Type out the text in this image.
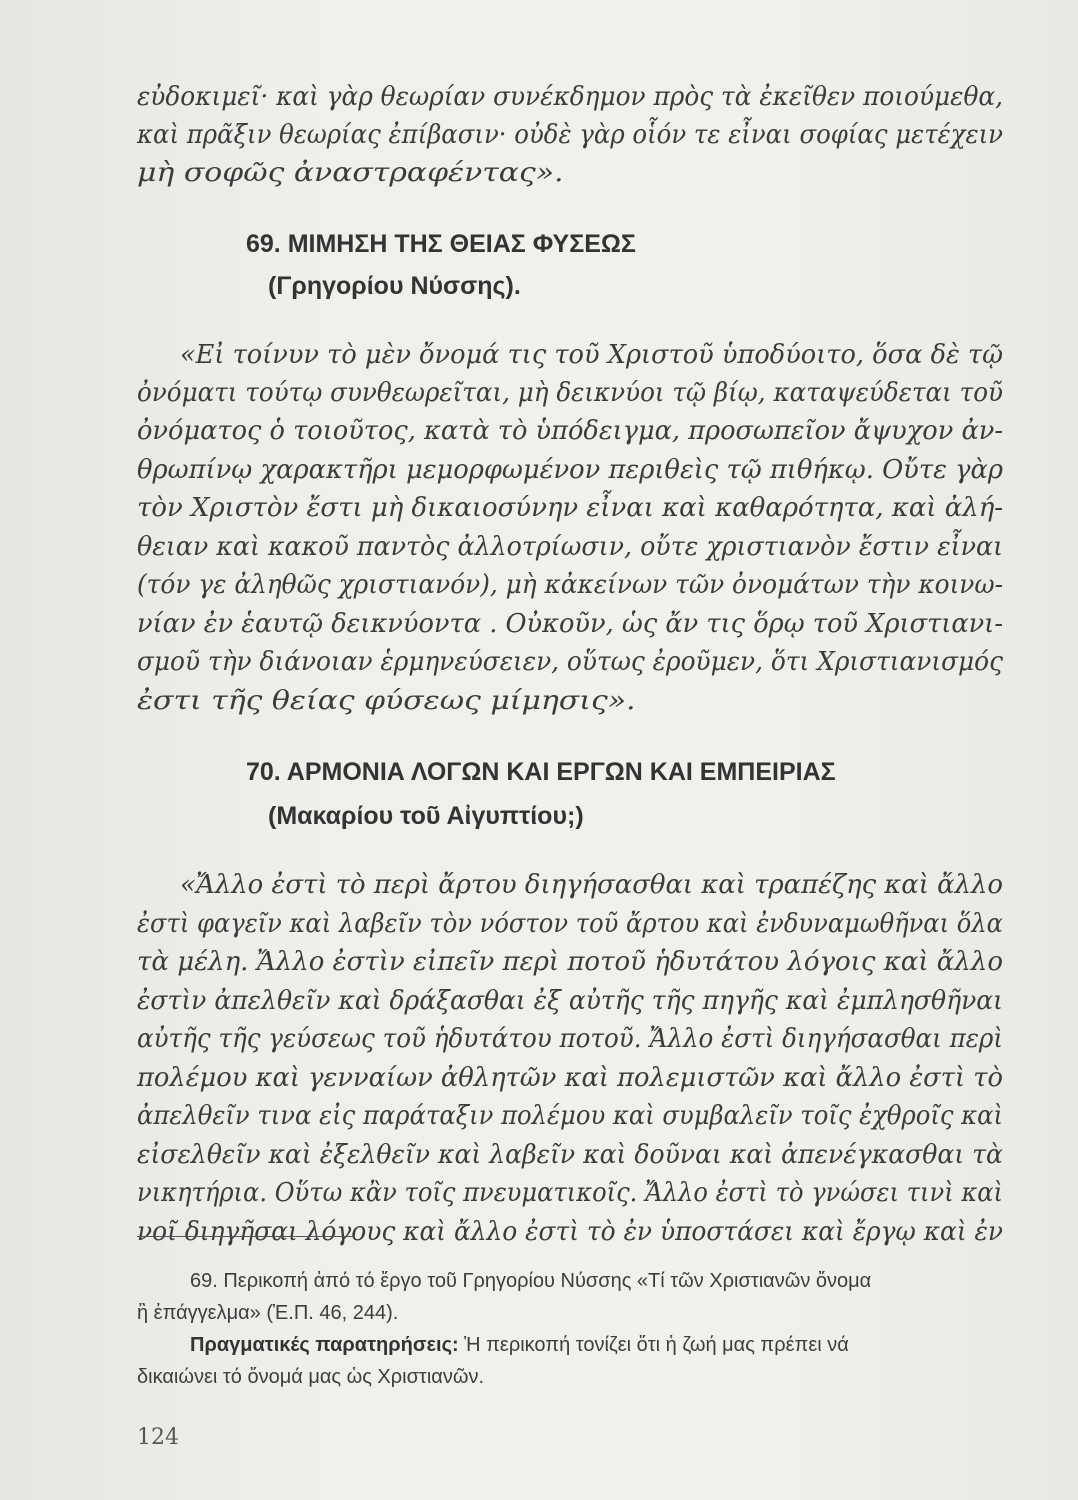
εὐδοκιμεῖ· καὶ γὰρ θεωρίαν συνέκδημον πρὸς τὰ ἐκεῖθεν ποιούμεθα,

καὶ πρᾶξιν θεωρίας ἐπίβασιν· οὐδὲ γὰρ οἷόν τε εἶναι σοφίας μετέχειν

μὴ σοφῶς ἀναστραφέντας».

69. ΜΙΜΗΣΗ ΤΗΣ ΘΕΙΑΣ ΦΥΣΕΩΣ
(Γρηγορίου Νύσσης).

«Εἰ τοίνυν τὸ μὲν ὄνομά τις τοῦ Χριστοῦ ὑποδύοιτο, ὅσα δὲ τῷ

ὀνόματι τούτῳ συνθεωρεῖται, μὴ δεικνύοι τῷ βίῳ, καταψεύδεται τοῦ

ὀνόματος ὁ τοιοῦτος, κατὰ τὸ ὑπόδειγμα, προσωπεῖον ἄψυχον ἀν-

θρωπίνῳ χαρακτῆρι μεμορφωμένον περιθεὶς τῷ πιθήκῳ. Οὔτε γὰρ

τὸν Χριστὸν ἔστι μὴ δικαιοσύνην εἶναι καὶ καθαρότητα, καὶ ἀλή-

θειαν καὶ κακοῦ παντὸς ἀλλοτρίωσιν, οὔτε χριστιανὸν ἔστιν εἶναι

(τόν γε ἀληθῶς χριστιανόν), μὴ κἀκείνων τῶν ὀνομάτων τὴν κοινω-

νίαν ἐν ἑαυτῷ δεικνύοντα . Οὐκοῦν, ὡς ἄν τις ὅρῳ τοῦ Χριστιανι-

σμοῦ τὴν διάνοιαν ἑρμηνεύσειεν, οὕτως ἐροῦμεν, ὅτι Χριστιανισμός

ἐστι τῆς θείας φύσεως μίμησις».

70. ΑΡΜΟΝΙΑ ΛΟΓΩΝ ΚΑΙ ΕΡΓΩΝ ΚΑΙ ΕΜΠΕΙΡΙΑΣ
(Μακαρίου τοῦ Αἰγυπτίου;)

«Ἄλλο ἐστὶ τὸ περὶ ἄρτου διηγήσασθαι καὶ τραπέζης καὶ ἄλλο

ἐστὶ φαγεῖν καὶ λαβεῖν τὸν νόστον τοῦ ἄρτου καὶ ἐνδυναμωθῆναι ὅλα

τὰ μέλη. Ἄλλο ἐστὶν εἰπεῖν περὶ ποτοῦ ἡδυτάτου λόγοις καὶ ἄλλο

ἐστὶν ἀπελθεῖν καὶ δράξασθαι ἐξ αὐτῆς τῆς πηγῆς καὶ ἐμπλησθῆναι

αὐτῆς τῆς γεύσεως τοῦ ἡδυτάτου ποτοῦ. Ἄλλο ἐστὶ διηγήσασθαι περὶ

πολέμου καὶ γενναίων ἀθλητῶν καὶ πολεμιστῶν καὶ ἄλλο ἐστὶ τὸ

ἀπελθεῖν τινα εἰς παράταξιν πολέμου καὶ συμβαλεῖν τοῖς ἐχθροῖς καὶ

εἰσελθεῖν καὶ ἐξελθεῖν καὶ λαβεῖν καὶ δοῦναι καὶ ἀπενέγκασθαι τὰ

νικητήρια. Οὕτω κἂν τοῖς πνευματικοῖς. Ἄλλο ἐστὶ τὸ γνώσει τινὶ καὶ

νοῖ διηγῆσαι λόγους καὶ ἄλλο ἐστὶ τὸ ἐν ὑποστάσει καὶ ἔργῳ καὶ ἐν

69. Περικοπή ἀπό τό ἔργο τοῦ Γρηγορίου Νύσσης «Τί τῶν Χριστιανῶν ὄνομα

ἢ ἐπάγγελμα» (Ἑ.Π. 46, 244).

Πραγματικές παρατηρήσεις: Ἡ περικοπή τονίζει ὅτι ἡ ζωή μας πρέπει νά

δικαιώνει τό ὄνομά μας ὡς Χριστιανῶν.

124
